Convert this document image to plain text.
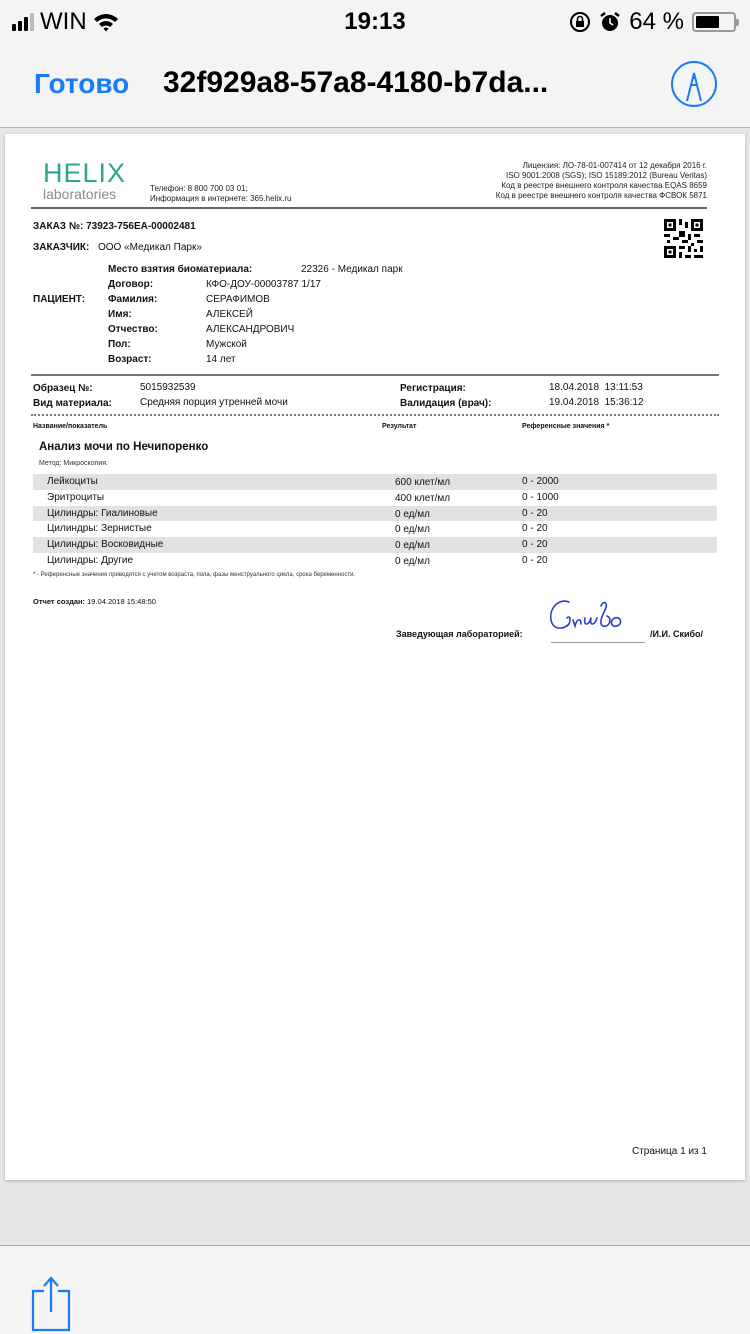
WIN	19:13	64 %
Готово 32f929a8-57a8-4180-b7da...
HELIX
laboratories	Телефон: 8 800 700 03 01;
Информация в интернете: 365.helix.ru
Лицензия: ЛО-78-01-007414 от 12 декабря 2016 г.
ISO 9001:2008 (SGS); ISO 15189:2012 (Bureau Veritas)
Код в реестре внешнего контроля качества EQAS 8659
Код в реестре внешнего контроля качества ФСВОК 5871
ЗАКАЗ №: 73923-756EA-00002481
ЗАКАЗЧИК: ООО «Медикал Парк»
ПАЦИЕНТ:
Место взятия биоматериала:	22326 - Медикал парк
Договор:	КФО-ДОУ-00003787 1/17
Фамилия:	СЕРАФИМОВ
Имя:	АЛЕКСЕЙ
Отчество:	АЛЕКСАНДРОВИЧ
Пол:	Мужской
Возраст:	14 лет
Образец №:	5015932539
Вид материала:	Средняя порция утренней мочи
Регистрация:	18.04.2018  13:11:53
Валидация (врач):	19.04.2018  15:36:12
Название/показатель	Результат	Референсные значения *
Анализ мочи по Нечипоренко
Метод: Микроскопия.
Лейкоциты	600 клет/мл	0 - 2000
Эритроциты	400 клет/мл	0 - 1000
Цилиндры: Гиалиновые	0 ед/мл	0 - 20
Цилиндры: Зернистые	0 ед/мл	0 - 20
Цилиндры: Восковидные	0 ед/мл	0 - 20
Цилиндры: Другие	0 ед/мл	0 - 20
* - Референсные значения приводятся с учетом возраста, пола, фазы менструального цикла, срока беременности.
Отчет создан: 19.04.2018 15:48:50
Заведующая лабораторией:	/И.И. Скибо/
Страница 1 из 1
